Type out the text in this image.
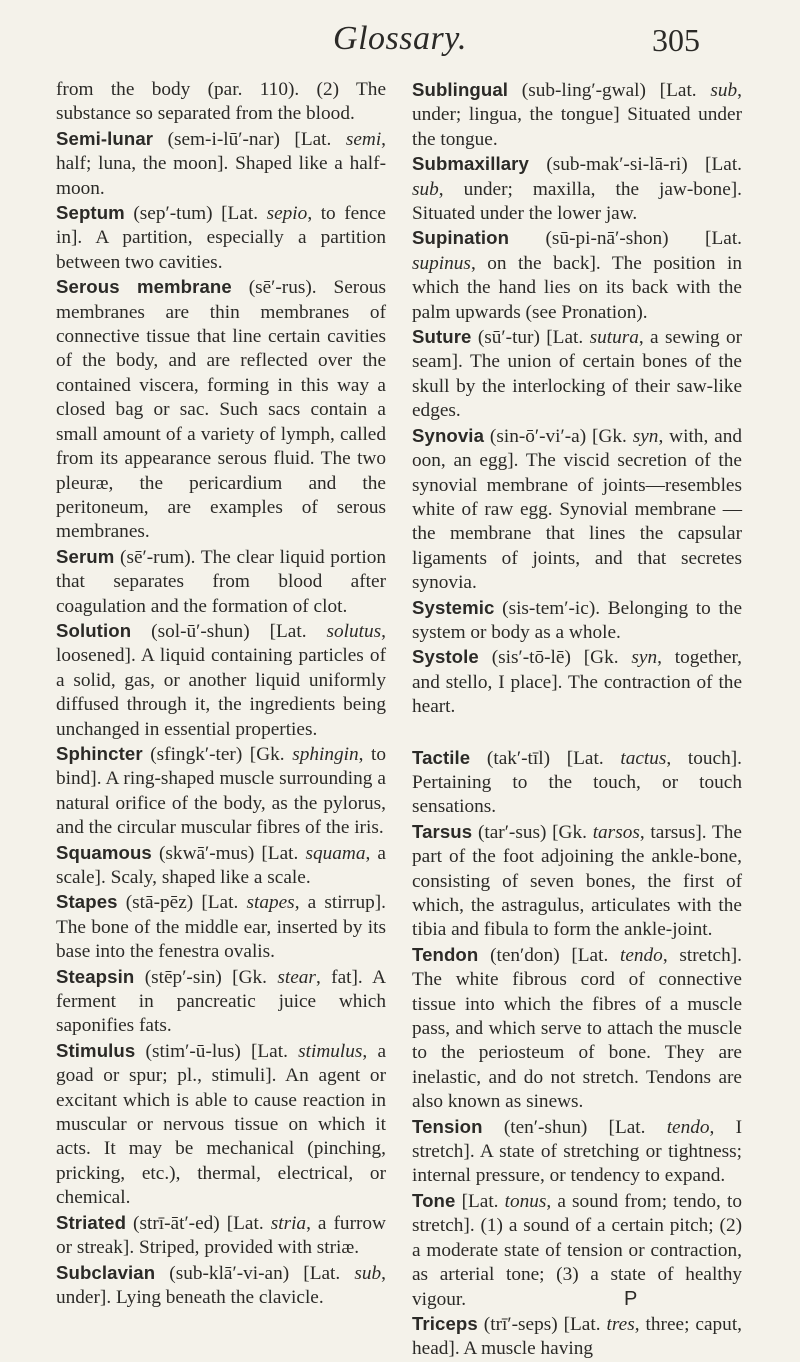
Glossary.	305

from the body (par. 110). (2) The substance so separated from the blood.

Semi-lunar (sem-i-lū′-nar) [Lat. semi, half; luna, the moon]. Shaped like a half-moon.

Septum (sep′-tum) [Lat. sepio, to fence in]. A partition, especially a partition between two cavities.

Serous membrane (sē′-rus). Serous membranes are thin membranes of connective tissue that line certain cavities of the body, and are reflected over the contained viscera, forming in this way a closed bag or sac. Such sacs contain a small amount of a variety of lymph, called from its appearance serous fluid. The two pleuræ, the pericardium and the peritoneum, are examples of serous membranes.

Serum (sē′-rum). The clear liquid portion that separates from blood after coagulation and the formation of clot.

Solution (sol-ū′-shun) [Lat. solutus, loosened]. A liquid containing particles of a solid, gas, or another liquid uniformly diffused through it, the ingredients being unchanged in essential properties.

Sphincter (sfingk′-ter) [Gk. sphingin, to bind]. A ring-shaped muscle surrounding a natural orifice of the body, as the pylorus, and the circular muscular fibres of the iris.

Squamous (skwā′-mus) [Lat. squama, a scale]. Scaly, shaped like a scale.

Stapes (stā-pēz) [Lat. stapes, a stirrup]. The bone of the middle ear, inserted by its base into the fenestra ovalis.

Steapsin (stēp′-sin) [Gk. stear, fat]. A ferment in pancreatic juice which saponifies fats.

Stimulus (stim′-ū-lus) [Lat. stimulus, a goad or spur; pl., stimuli]. An agent or excitant which is able to cause reaction in muscular or nervous tissue on which it acts. It may be mechanical (pinching, pricking, etc.), thermal, electrical, or chemical.

Striated (strī-āt′-ed) [Lat. stria, a furrow or streak]. Striped, provided with striæ.

Subclavian (sub-klā′-vi-an) [Lat. sub, under]. Lying beneath the clavicle.

Sublingual (sub-ling′-gwal) [Lat. sub, under; lingua, the tongue] Situated under the tongue.

Submaxillary (sub-mak′-si-lā-ri) [Lat. sub, under; maxilla, the jaw-bone]. Situated under the lower jaw.

Supination (sū-pi-nā′-shon) [Lat. supinus, on the back]. The position in which the hand lies on its back with the palm upwards (see Pronation).

Suture (sū′-tur) [Lat. sutura, a sewing or seam]. The union of certain bones of the skull by the interlocking of their saw-like edges.

Synovia (sin-ō′-vi′-a) [Gk. syn, with, and oon, an egg]. The viscid secretion of the synovial membrane of joints—resembles white of raw egg. Synovial membrane — the membrane that lines the capsular ligaments of joints, and that secretes synovia.

Systemic (sis-tem′-ic). Belonging to the system or body as a whole.

Systole (sis′-tō-lē) [Gk. syn, together, and stello, I place]. The contraction of the heart.

Tactile (tak′-tīl) [Lat. tactus, touch]. Pertaining to the touch, or touch sensations.

Tarsus (tar′-sus) [Gk. tarsos, tarsus]. The part of the foot adjoining the ankle-bone, consisting of seven bones, the first of which, the astragulus, articulates with the tibia and fibula to form the ankle-joint.

Tendon (ten′don) [Lat. tendo, stretch]. The white fibrous cord of connective tissue into which the fibres of a muscle pass, and which serve to attach the muscle to the periosteum of bone. They are inelastic, and do not stretch. Tendons are also known as sinews.

Tension (ten′-shun) [Lat. tendo, I stretch]. A state of stretching or tightness; internal pressure, or tendency to expand.

Tone [Lat. tonus, a sound from; tendo, to stretch]. (1) a sound of a certain pitch; (2) a moderate state of tension or contraction, as arterial tone; (3) a state of healthy vigour.

Triceps (trī′-seps) [Lat. tres, three; caput, head]. A muscle having

P
